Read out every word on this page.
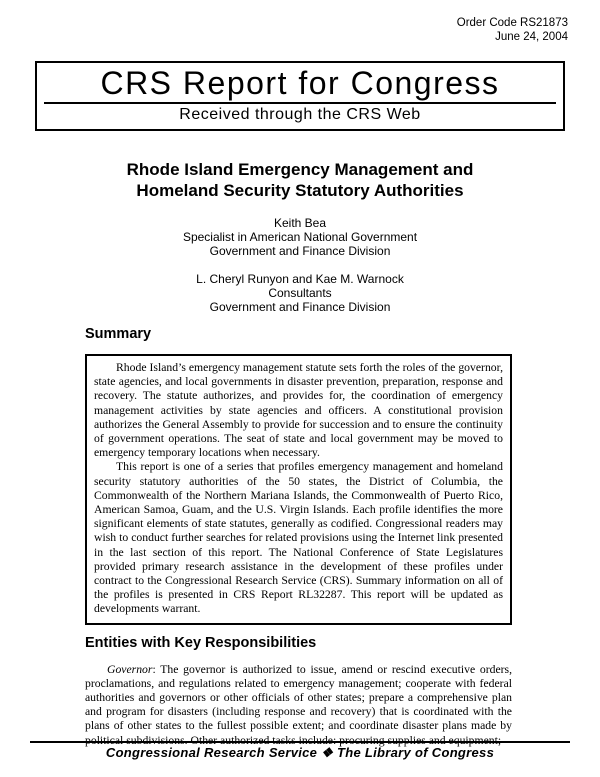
Order Code RS21873
June 24, 2004
CRS Report for Congress
Received through the CRS Web
Rhode Island Emergency Management and
Homeland Security Statutory Authorities
Keith Bea
Specialist in American National Government
Government and Finance Division
L. Cheryl Runyon and Kae M. Warnock
Consultants
Government and Finance Division
Summary

Rhode Island’s emergency management statute sets forth the roles of the governor, state agencies, and local governments in disaster prevention, preparation, response and recovery. The statute authorizes, and provides for, the coordination of emergency management activities by state agencies and officers. A constitutional provision authorizes the General Assembly to provide for succession and to ensure the continuity of government operations. The seat of state and local government may be moved to emergency temporary locations when necessary.

This report is one of a series that profiles emergency management and homeland security statutory authorities of the 50 states, the District of Columbia, the Commonwealth of the Northern Mariana Islands, the Commonwealth of Puerto Rico, American Samoa, Guam, and the U.S. Virgin Islands. Each profile identifies the more significant elements of state statutes, generally as codified. Congressional readers may wish to conduct further searches for related provisions using the Internet link presented in the last section of this report. The National Conference of State Legislatures provided primary research assistance in the development of these profiles under contract to the Congressional Research Service (CRS). Summary information on all of the profiles is presented in CRS Report RL32287. This report will be updated as developments warrant.

Entities with Key Responsibilities

Governor: The governor is authorized to issue, amend or rescind executive orders, proclamations, and regulations related to emergency management; cooperate with federal authorities and governors or other officials of other states; prepare a comprehensive plan and program for disasters (including response and recovery) that is coordinated with the plans of other states to the fullest possible extent; and coordinate disaster plans made by political subdivisions. Other authorized tasks include: procuring supplies and equipment;

Congressional Research Service ❖ The Library of Congress
